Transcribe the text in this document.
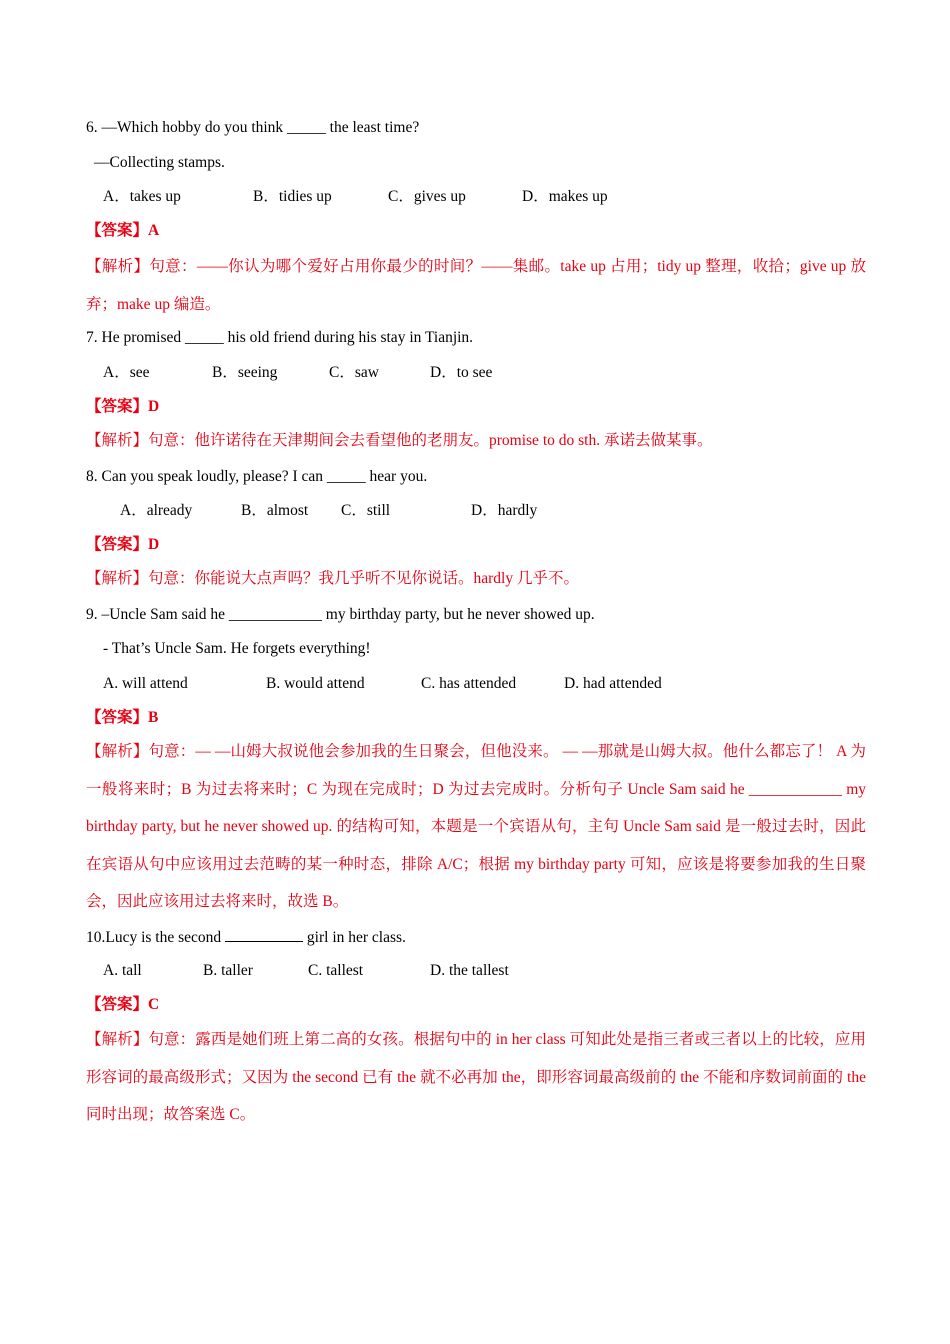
6. —Which hobby do you think _____ the least time?
—Collecting stamps.
A．takes up	B．tidies up	C．gives up	D．makes up
【答案】A
【解析】句意：——你认为哪个爱好占用你最少的时间？——集邮。take up 占用；tidy up 整理，收拾；give up 放弃；make up 编造。
7. He promised _____ his old friend during his stay in Tianjin.
A．see	B．seeing	C．saw	D．to see
【答案】D
【解析】句意：他许诺待在天津期间会去看望他的老朋友。promise to do sth. 承诺去做某事。
8. Can you speak loudly, please? I can _____ hear you.
A．already	B．almost C．still	D．hardly
【答案】D
【解析】句意：你能说大点声吗？我几乎听不见你说话。hardly 几乎不。
9. –Uncle Sam said he ____________ my birthday party, but he never showed up.
- That’s Uncle Sam. He forgets everything!
A. will attend	B. would attend	C. has attended	D. had attended
【答案】B
【解析】句意：— —山姆大叔说他会参加我的生日聚会，但他没来。 — —那就是山姆大叔。他什么都忘了！ A 为一般将来时；B 为过去将来时；C 为现在完成时；D 为过去完成时。分析句子 Uncle Sam said he ____________ my birthday party, but he never showed up. 的结构可知，本题是一个宾语从句，主句 Uncle Sam said 是一般过去时，因此在宾语从句中应该用过去范畴的某一种时态，排除 A/C；根据 my birthday party 可知，应该是将要参加我的生日聚会，因此应该用过去将来时，故选 B。
10.Lucy is the second	girl in her class.
A. tall	B. taller	C. tallest	D. the tallest
【答案】C
【解析】句意：露西是她们班上第二高的女孩。根据句中的 in her class 可知此处是指三者或三者以上的比较，应用形容词的最高级形式；又因为 the second 已有 the 就不必再加 the，即形容词最高级前的 the 不能和序数词前面的 the 同时出现；故答案选 C。
